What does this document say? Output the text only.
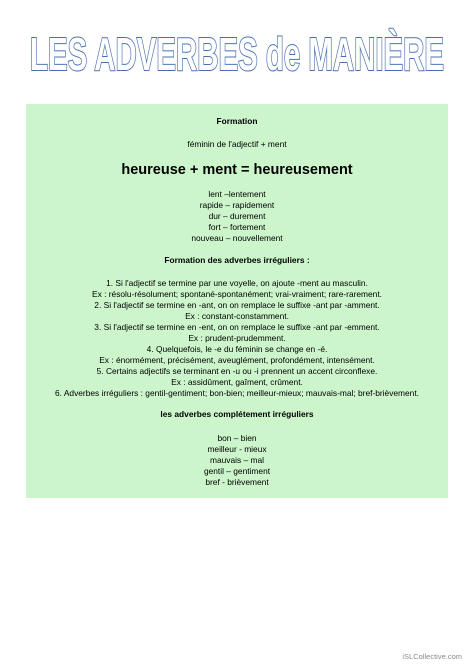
LES ADVERBES de MANIÈRE
Formation
féminin de l'adjectif + ment
heureuse + ment = heureusement
lent –lentement
rapide – rapidement
dur – durement
fort – fortement
nouveau – nouvellement
Formation des adverbes irréguliers :
1. Si l'adjectif se termine par une voyelle, on ajoute -ment au masculin.
Ex : résolu-résolument; spontané-spontanément; vrai-vraiment; rare-rarement.
2. Si l'adjectif se termine en -ant, on on remplace le suffixe -ant par -amment.
Ex : constant-constamment.
3. Si l'adjectif se termine en -ent, on on remplace le suffixe -ant par -emment.
Ex : prudent-prudemment.
4. Quelquefois, le -e du féminin se change en -é.
Ex : énormément, précisément, aveuglément, profondément, intensément.
5. Certains adjectifs se terminant en -u ou -i prennent un accent circonflexe.
Ex : assidûment, gaîment, crûment.
6. Adverbes irréguliers : gentil-gentiment; bon-bien; meilleur-mieux; mauvais-mal; bref-brièvement.
les adverbes complétement irréguliers
bon – bien
meilleur - mieux
mauvais – mal
gentil – gentiment
bref - brièvement
iSLCollective.com
